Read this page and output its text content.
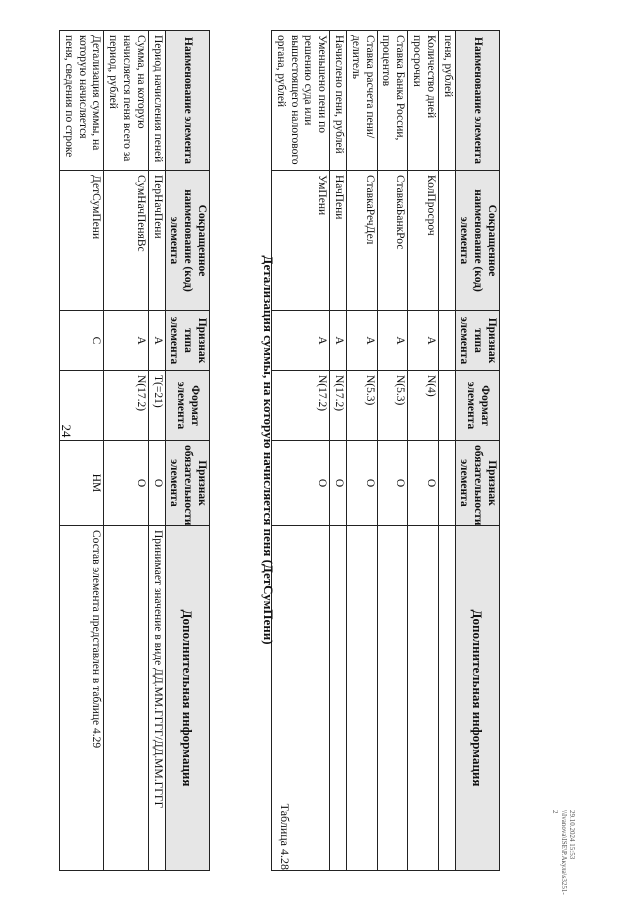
24
Наименование элемента	Сокращенное наименование (код) элемента	Признак типа элемента	Формат элемента	Признак обязательности элемента	Дополнительная информация
пеня, рублей					
Количество дней просрочки	КолПросроч	А	N(4)	О	
Ставка Банка России, процентов	СтавкаБанкРос	А	N(5.3)	О	
Ставка расчета пени/делитель	СтавкаРечДел	А	N(5.3)	О	
Начислено пени, рублей	НачПени	А	N(17.2)	О	
Уменьшено пени по решению суда или вышестоящего налогового органа, рублей	УмПени	А	N(17.2)	О	
Таблица 4.28
Детализация суммы, на которую начисляется пеня (ДетСумПени)
Наименование элемента	Сокращенное наименование (код) элемента	Признак типа элемента	Формат элемента	Признак обязательности элемента	Дополнительная информация
Период начисления пеней	ПерНачПени	А	T(=21)	О	Принимает значение в виде ДД.ММ.ГГГГ/ДД.ММ.ГГГГ
Сумма, на которую начисляется пеня всего за период, рублей	СумНачПеняВс	А	N(17.2)	О	
Детализация суммы, на которую начисляется пеня, сведения по строке	ДетСумПени	С		НМ	Состав элемента представлен в таблице 4.29
29.10.2024 15:53
\\Ivanova\ISE\Р.Акула\s3251-2
